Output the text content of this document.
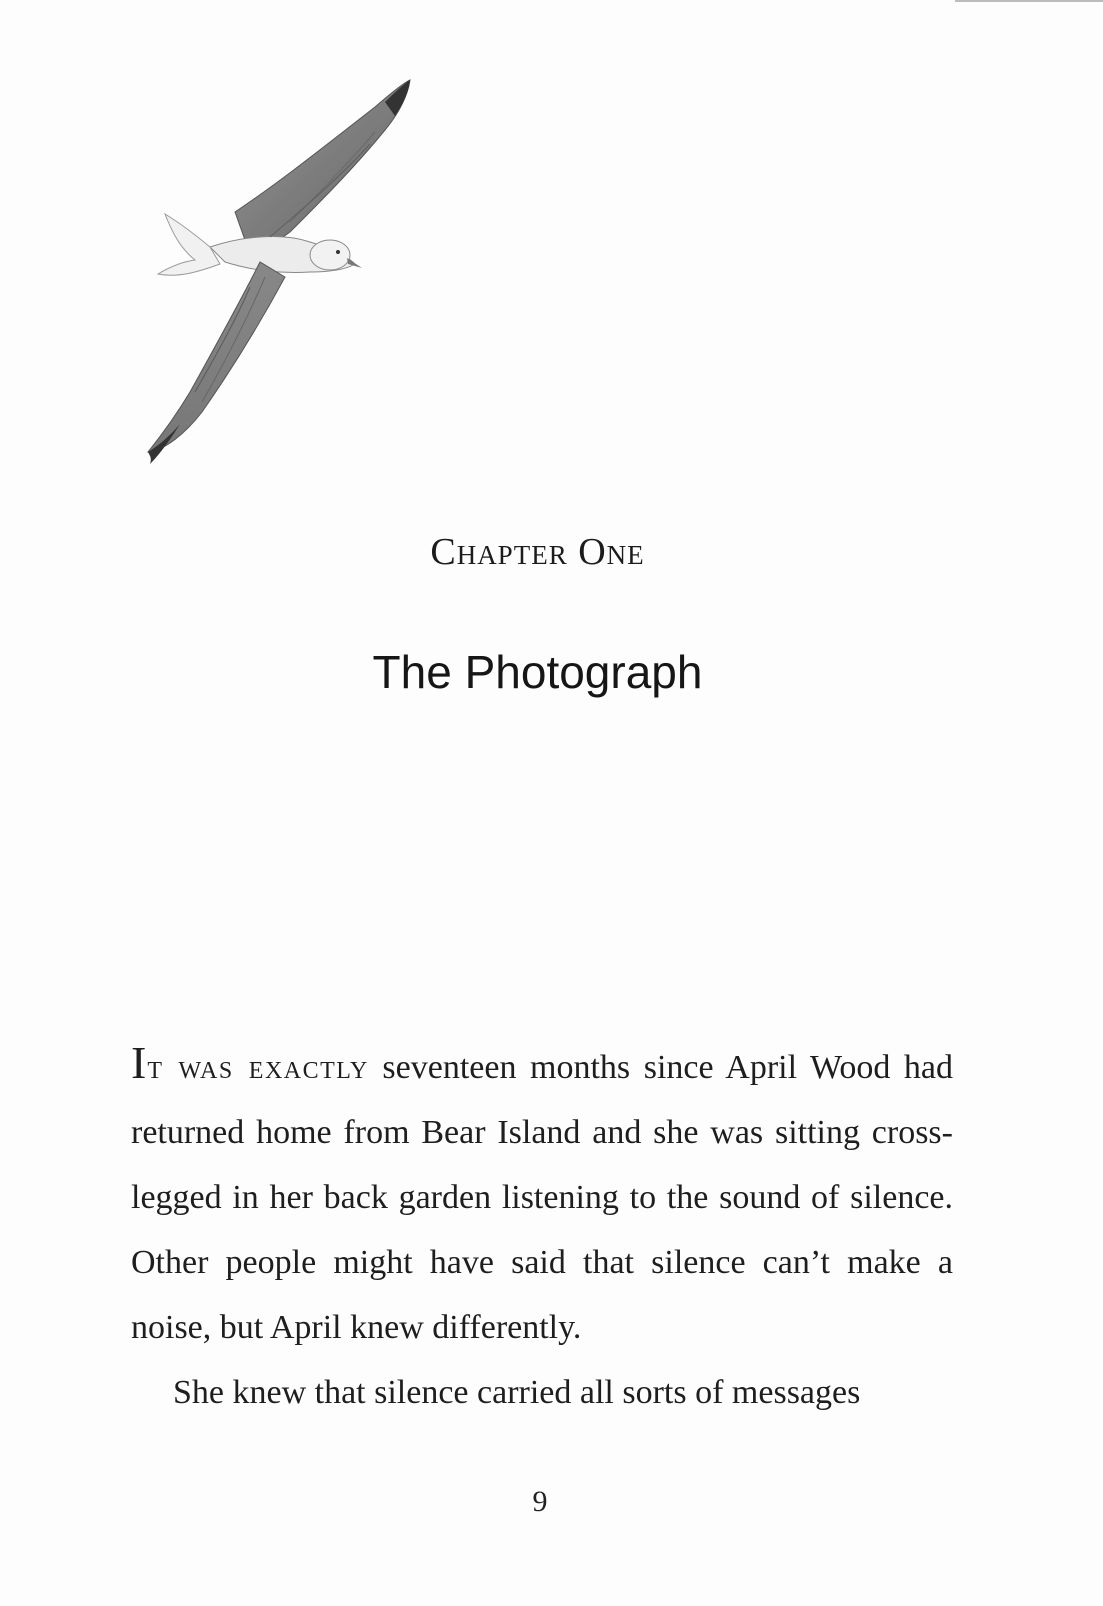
Chapter One
The Photograph

It was exactly seventeen months since April Wood had returned home from Bear Island and she was sitting cross-legged in her back garden listening to the sound of silence. Other people might have said that silence can’t make a noise, but April knew differently.

She knew that silence carried all sorts of messages

9
